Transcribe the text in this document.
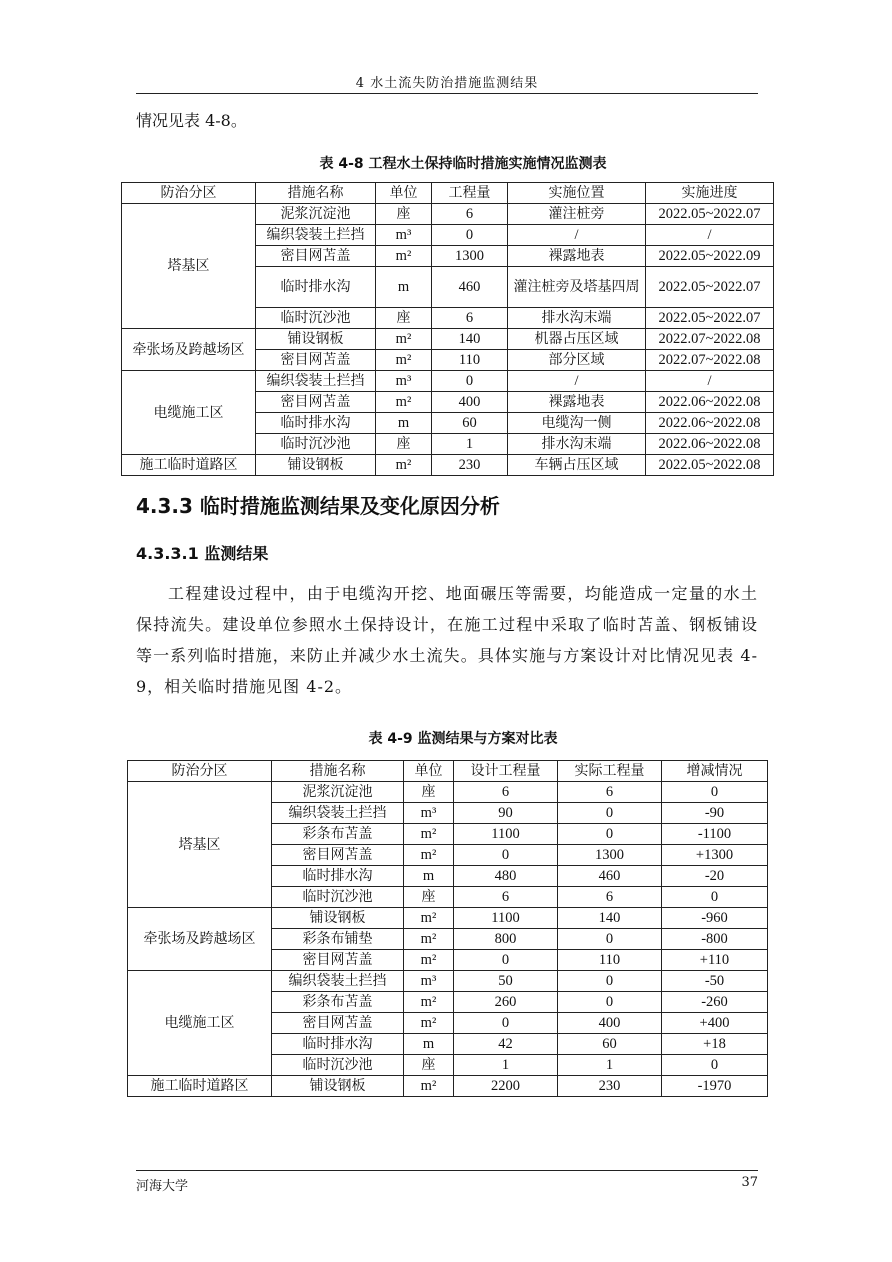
4 水土流失防治措施监测结果
情况见表 4-8。
表 4-8 工程水土保持临时措施实施情况监测表
防治分区	措施名称	单位	工程量	实施位置	实施进度
塔基区	泥浆沉淀池	座	6	灌注桩旁	2022.05~2022.07
	编织袋装土拦挡	m³	0	/	/
	密目网苫盖	m²	1300	裸露地表	2022.05~2022.09
	临时排水沟	m	460	灌注桩旁及塔基四周	2022.05~2022.07
	临时沉沙池	座	6	排水沟末端	2022.05~2022.07
牵张场及跨越场区	铺设钢板	m²	140	机器占压区域	2022.07~2022.08
	密目网苫盖	m²	110	部分区域	2022.07~2022.08
电缆施工区	编织袋装土拦挡	m³	0	/	/
	密目网苫盖	m²	400	裸露地表	2022.06~2022.08
	临时排水沟	m	60	电缆沟一侧	2022.06~2022.08
	临时沉沙池	座	1	排水沟末端	2022.06~2022.08
施工临时道路区	铺设钢板	m²	230	车辆占压区域	2022.05~2022.08
4.3.3 临时措施监测结果及变化原因分析
4.3.3.1 监测结果
工程建设过程中，由于电缆沟开挖、地面碾压等需要，均能造成一定量的水土保持流失。建设单位参照水土保持设计，在施工过程中采取了临时苫盖、钢板铺设等一系列临时措施，来防止并减少水土流失。具体实施与方案设计对比情况见表 4-9，相关临时措施见图 4-2。
表 4-9 监测结果与方案对比表
防治分区	措施名称	单位	设计工程量	实际工程量	增减情况
塔基区	泥浆沉淀池	座	6	6	0
	编织袋装土拦挡	m³	90	0	-90
	彩条布苫盖	m²	1100	0	-1100
	密目网苫盖	m²	0	1300	+1300
	临时排水沟	m	480	460	-20
	临时沉沙池	座	6	6	0
牵张场及跨越场区	铺设钢板	m²	1100	140	-960
	彩条布铺垫	m²	800	0	-800
	密目网苫盖	m²	0	110	+110
电缆施工区	编织袋装土拦挡	m³	50	0	-50
	彩条布苫盖	m²	260	0	-260
	密目网苫盖	m²	0	400	+400
	临时排水沟	m	42	60	+18
	临时沉沙池	座	1	1	0
施工临时道路区	铺设钢板	m²	2200	230	-1970
河海大学	37
